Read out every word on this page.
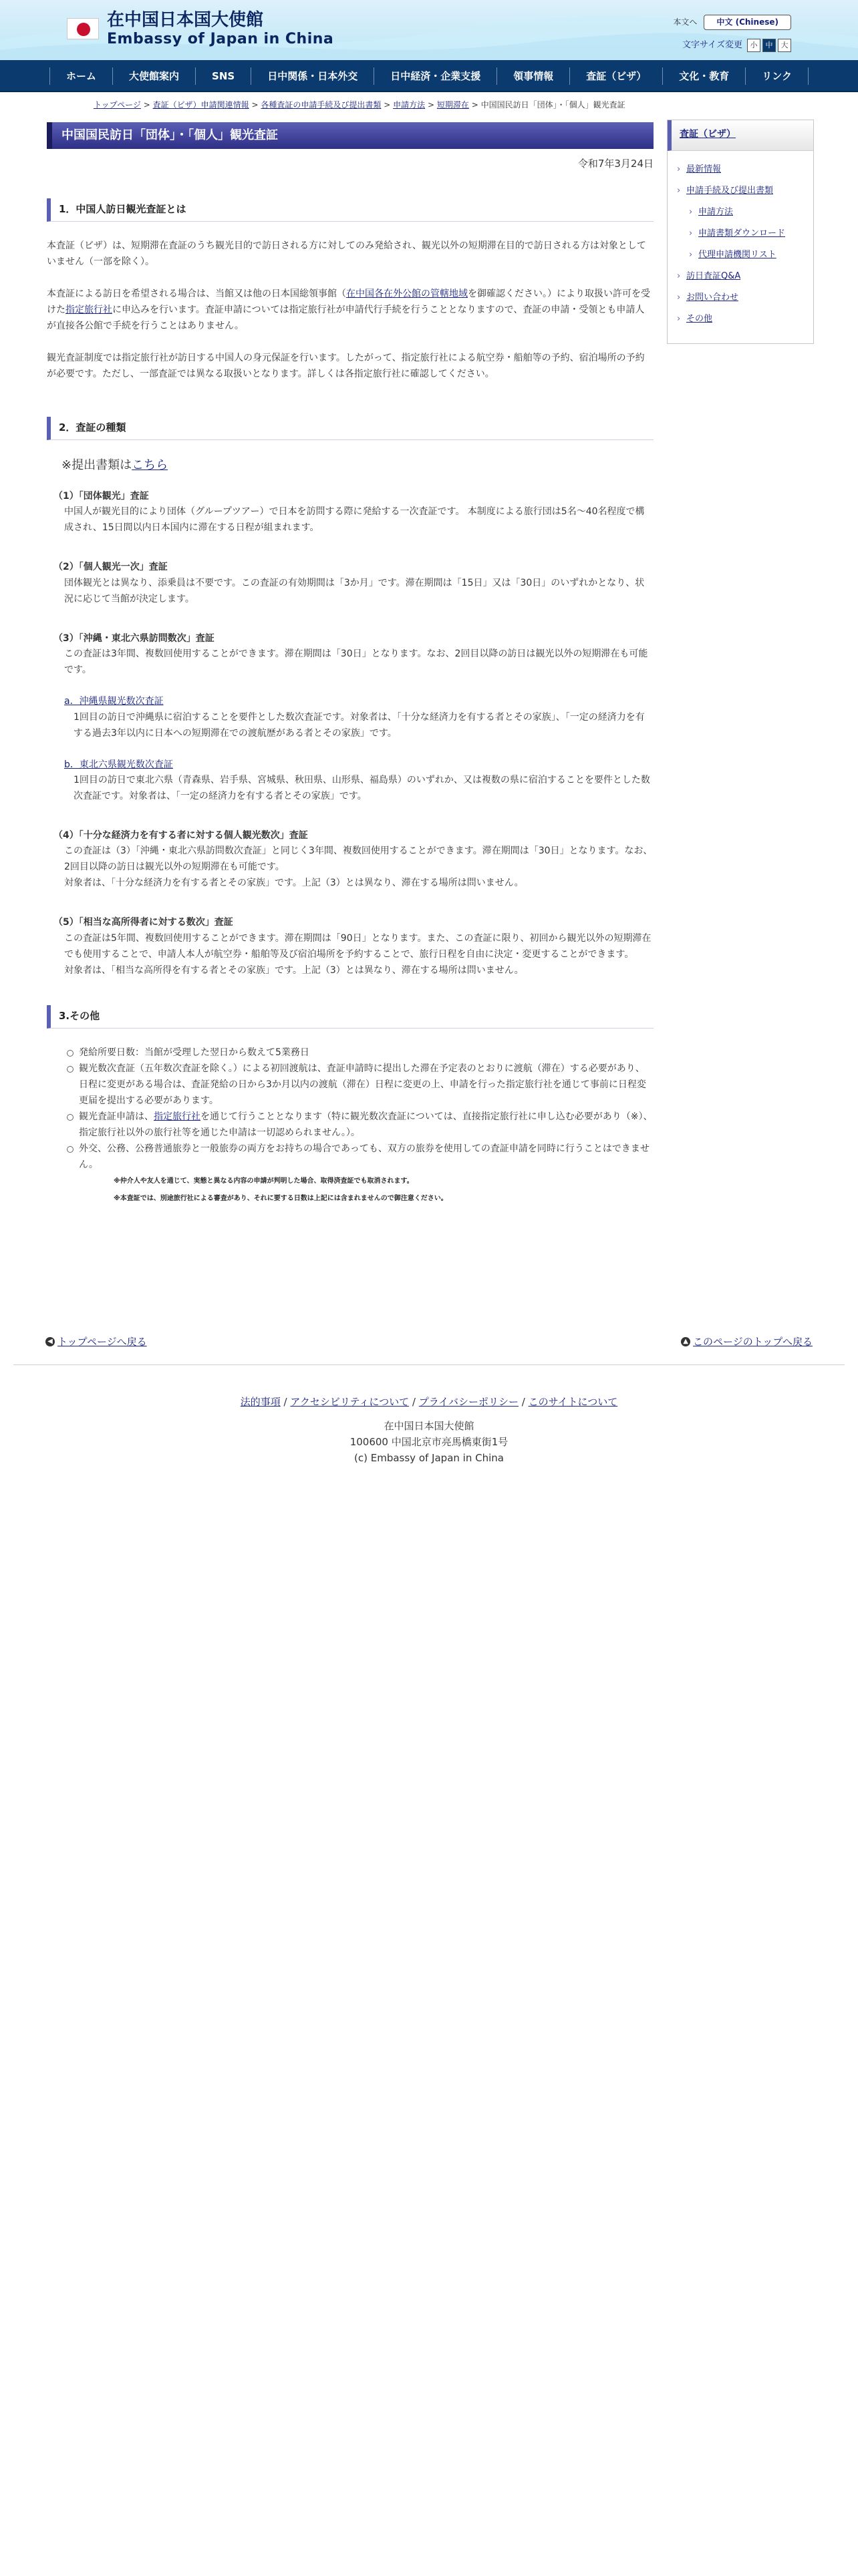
在中国日本国大使館
Embassy of Japan in China
本文へ	中文 (Chinese)
文字サイズ変更	小	中	大
ホーム	大使館案内	SNS	日中関係・日本外交	日中経済・企業支援	領事情報	査証（ビザ）	文化・教育	リンク
トップページ > 査証（ビザ）申請関連情報 > 各種査証の申請手続及び提出書類 > 申請方法 > 短期滞在 > 中国国民訪日「団体」・「個人」観光査証
中国国民訪日「団体」・「個人」観光査証
令和7年3月24日
1．中国人訪日観光査証とは

本査証（ビザ）は、短期滞在査証のうち観光目的で訪日される方に対してのみ発給され、観光以外の短期滞在目的で訪日される方は対象としていません（一部を除く）。

本査証による訪日を希望される場合は、当館又は他の日本国総領事館（在中国各在外公館の管轄地域を御確認ください。）により取扱い許可を受けた指定旅行社に申込みを行います。査証申請については指定旅行社が申請代行手続を行うこととなりますので、査証の申請・受領とも申請人が直接各公館で手続を行うことはありません。

観光査証制度では指定旅行社が訪日する中国人の身元保証を行います。したがって、指定旅行社による航空券・船舶等の予約、宿泊場所の予約が必要です。ただし、一部査証では異なる取扱いとなります。詳しくは各指定旅行社に確認してください。

2．査証の種類

※提出書類はこちら

（1）「団体観光」査証
中国人が観光目的により団体（グループツアー）で日本を訪問する際に発給する一次査証です。 本制度による旅行団は5名～40名程度で構成され、15日間以内日本国内に滞在する日程が組まれます。
（2）「個人観光一次」査証
団体観光とは異なり、添乗員は不要です。この査証の有効期間は「3か月」です。滞在期間は「15日」又は「30日」のいずれかとなり、状況に応じて当館が決定します。
（3）「沖縄・東北六県訪問数次」査証
この査証は3年間、複数回使用することができます。滞在期間は「30日」となります。なお、2回目以降の訪日は観光以外の短期滞在も可能です。
a．沖縄県観光数次査証
1回目の訪日で沖縄県に宿泊することを要件とした数次査証です。対象者は、「十分な経済力を有する者とその家族」、「一定の経済力を有する過去3年以内に日本への短期滞在での渡航歴がある者とその家族」です。
b．東北六県観光数次査証
1回目の訪日で東北六県（青森県、岩手県、宮城県、秋田県、山形県、福島県）のいずれか、又は複数の県に宿泊することを要件とした数次査証です。対象者は、「一定の経済力を有する者とその家族」です。
（4）「十分な経済力を有する者に対する個人観光数次」査証
この査証は（3）「沖縄・東北六県訪問数次査証」と同じく3年間、複数回使用することができます。滞在期間は「30日」となります。なお、2回目以降の訪日は観光以外の短期滞在も可能です。
対象者は、「十分な経済力を有する者とその家族」です。上記（3）とは異なり、滞在する場所は問いません。
（5）「相当な高所得者に対する数次」査証
この査証は5年間、複数回使用することができます。滞在期間は「90日」となります。また、この査証に限り、初回から観光以外の短期滞在でも使用することで、申請人本人が航空券・船舶等及び宿泊場所を予約することで、旅行日程を自由に決定・変更することができます。
対象者は、「相当な高所得を有する者とその家族」です。上記（3）とは異なり、滞在する場所は問いません。
3.その他
発給所要日数：当館が受理した翌日から数えて5業務日
観光数次査証（五年数次査証を除く。）による初回渡航は、査証申請時に提出した滞在予定表のとおりに渡航（滞在）する必要があり、日程に変更がある場合は、査証発給の日から3か月以内の渡航（滞在）日程に変更の上、申請を行った指定旅行社を通じて事前に日程変更届を提出する必要があります。
観光査証申請は、指定旅行社を通じて行うこととなります（特に観光数次査証については、直接指定旅行社に申し込む必要があり（※）、指定旅行社以外の旅行社等を通じた申請は一切認められません。）。
外交、公務、公務普通旅券と一般旅券の両方をお持ちの場合であっても、双方の旅券を使用しての査証申請を同時に行うことはできません。
※仲介人や友人を通じて、実態と異なる内容の申請が判明した場合、取得済査証でも取消されます。
※本査証では、別途旅行社による審査があり、それに要する日数は上記には含まれませんので御注意ください。
査証（ビザ）
› 最新情報
› 申請手続及び提出書類
› 申請方法
› 申請書類ダウンロード
› 代理申請機関リスト
› 訪日査証Q&A
› お問い合わせ
› その他
◀ トップページへ戻る	▲ このページのトップへ戻る
法的事項 / アクセシビリティについて / プライバシーポリシー / このサイトについて
在中国日本国大使館
100600 中国北京市亮馬橋東街1号
(c) Embassy of Japan in China
